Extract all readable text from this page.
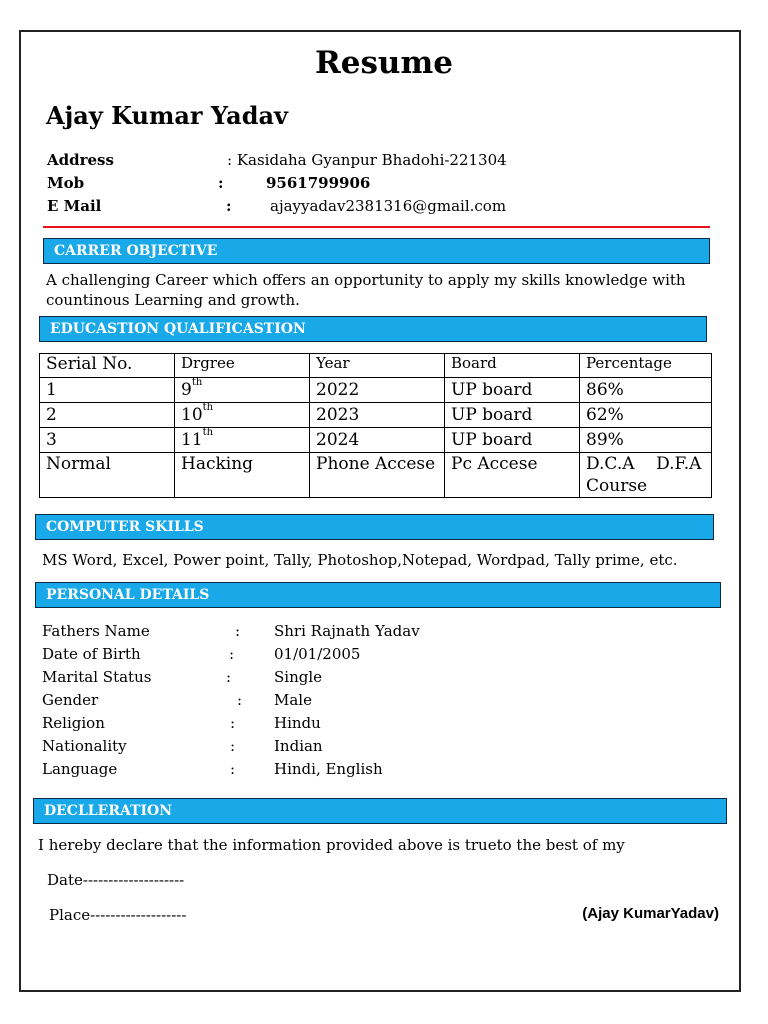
Resume
Ajay Kumar Yadav
Address	: Kasidaha Gyanpur Bhadohi-221304
Mob	:	9561799906
E Mail	:	ajayyadav2381316@gmail.com
CARRER OBJECTIVE
A challenging Career which offers an opportunity to apply my skills knowledge with
countinous Learning and growth.
EDUCASTION QUALIFICASTION
Serial No.	Drgree	Year	Board	Percentage
1	9th	2022	UP board	86%
2	10th	2023	UP board	62%
3	11th	2024	UP board	89%
Normal	Hacking	Phone Accese	Pc Accese	D.C.A    D.F.A
Course
COMPUTER SKILLS
MS Word, Excel, Power point, Tally, Photoshop,Notepad, Wordpad, Tally prime, etc.
PERSONAL DETAILS
Fathers Name	: Shri Rajnath Yadav
Date of Birth	:	01/01/2005
Marital Status	:	Single
Gender	: Male
Religion	:	Hindu
Nationality	:	Indian
Language	:	Hindi, English
DECLLERATION
I hereby declare that the information provided above is trueto the best of my
Date--------------------
Place-------------------	(Ajay KumarYadav)
